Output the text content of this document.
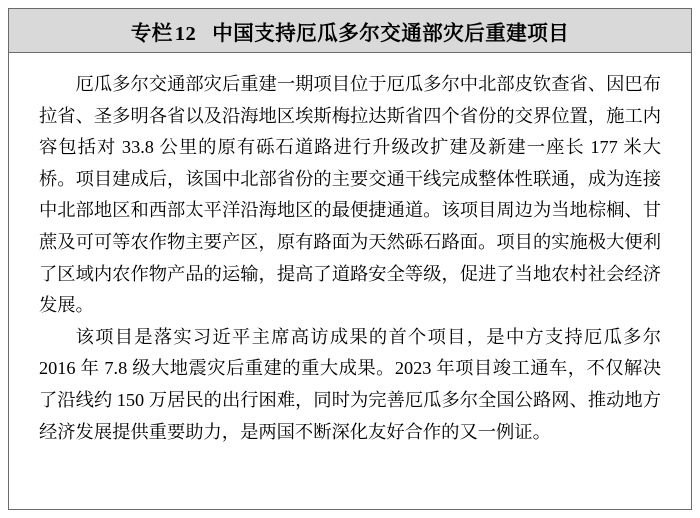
专栏12 中国支持厄瓜多尔交通部灾后重建项目

厄瓜多尔交通部灾后重建一期项目位于厄瓜多尔中北部皮钦查省、因巴布拉省、圣多明各省以及沿海地区埃斯梅拉达斯省四个省份的交界位置，施工内容包括对 33.8 公里的原有砾石道路进行升级改扩建及新建一座长 177 米大桥。项目建成后，该国中北部省份的主要交通干线完成整体性联通，成为连接中北部地区和西部太平洋沿海地区的最便捷通道。该项目周边为当地棕榈、甘蔗及可可等农作物主要产区，原有路面为天然砾石路面。项目的实施极大便利了区域内农作物产品的运输，提高了道路安全等级，促进了当地农村社会经济发展。

该项目是落实习近平主席高访成果的首个项目，是中方支持厄瓜多尔 2016 年 7.8 级大地震灾后重建的重大成果。2023 年项目竣工通车，不仅解决了沿线约 150 万居民的出行困难，同时为完善厄瓜多尔全国公路网、推动地方经济发展提供重要助力，是两国不断深化友好合作的又一例证。
